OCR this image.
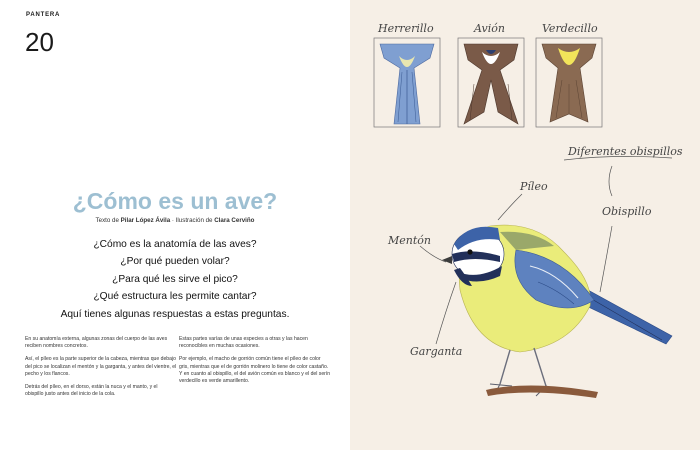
PANTERA
20
¿Cómo es un ave?
Texto de Pilar López Ávila · Ilustración de Clara Cerviño
¿Cómo es la anatomía de las aves?
¿Por qué pueden volar?
¿Para qué les sirve el pico?
¿Qué estructura les permite cantar?
Aquí tienes algunas respuestas a estas preguntas.

En su anatomía externa, algunas zonas del cuerpo de las aves reciben nombres concretos.

Así, el píleo es la parte superior de la cabeza, mientras que debajo del pico se localizan el mentón y la garganta, y antes del vientre, el pecho y los flancos.

Detrás del píleo, en el dorso, están la nuca y el manto, y el obispillo justo antes del inicio de la cola.

Estas partes varías de unas especies a otras y las hacen reconocibles en muchas ocasiones.

Por ejemplo, el macho de gorrión común tiene el píleo de color gris, mientras que el de gorrión molinero lo tiene de color castaño. Y en cuanto al obispillo, el del avión común es blanco y el del serín verdecillo es verde amarillento.

Herrerillo	Avión	Verdecillo
Diferentes obispillos
Píleo
Obispillo
Mentón
Garganta
